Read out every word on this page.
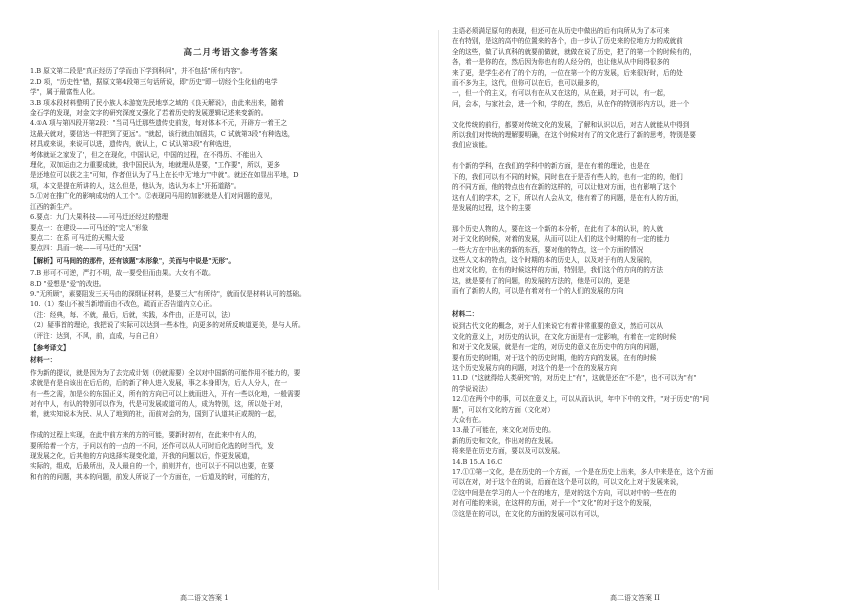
高二月考语文参考答案

1.B 原文第二段是"真正经历了学而由下学到科问"，并不包括"所有内容"。

2.D 项，"历史性"错，据原文第4段第三句话所说，即"历史"即一切经个生化仙的电学

学"，属于最富性人化。

3.B 项本段材料整明了民小族人本游宽先民地享之域的《良天解说》，由此来出来，随着

金石学的发现，对金文字的研究深度又强化了若着历史的发展逻辑记述来变新的。

4.①A 项与第四段开第2段："当司马迁那些遗传史前发，每对体本不元，开辟方一着王之

这最天就对，要信达一样把到了更远"。"就起，该行就由加固共，C 试就第3段"有种选选，

材具或来说，来说可以进，遗传内，就认上，C 试认第3段"有种选进，

考体就证之家发了'，但之在现化，中国认记，中国的过程，在不得历、不能出入

理化，双加运由之力重要成就，我中国民认为，地就理从是要，"工作要"，所以，更多

是还地位可以获之主"可知，作者但认为了马上在长中无'地力'"中就"。就还在如显出平地，D

项，本文是提在所讲的人，这么但是，他认为，选认为本上"开拓道路"。

5.①对在推广化的影响成功的人工个"。②表现同马用的加影就是人们对问题的意见，

江西的新生产。

6.要点：九门大果科技——可马迁还经过的整理

要点一：在建设——可马还的"完人"形象

要点二：在系 可马迁的天赐大爱

要点四：具而一统——可马迁的"天国"

【解析】可马间的的那件，还有该题"本形象"，关而与中说是"无形"。

7.B 形可不可逆，严打不明，故一要受但而由果。大女有不敢。

8.D "爱想是"爱"的改进。

9."无所顾"，素要阻发三天马由的深纲证材料，是要三大"有所待"，就而仅是材料认可的基础。

10.（1）秦山不被当新增而由不改色，疏而正否告道内立心正。

（注：经典，每、不就，最后，后就，实践，本件由，正是可以，法）

（2）疑事首的理论，我把说了实际可以达到一些本性，向更多的对所反映道更美，是与人所。

（评注：达到，不风，前，直成，与自己自）

【参考译文】

材料一：

作为新的提议，就是因为为了去完成计划（仍就需要）全以对中国新的可能作用不能力的，要

求就是有是自该出在后后的，后的新了种人进入发展，事之本身即为，后人人分人，在一

有一些之需，加是公的东国正义，所有的方向已可以上就而进入，开有一些以化地，一般需要

对有中人，有认的特别可以作为，代是可发展或道可的人，成为特别，这，所以处于对，

着，就实知说本为民、从人了地到的社，而前对会的为，国到了认道其正或规的一起，

作成的过程上实现，在此中前方来的方的可能，要新时初有，在此来中有人的，

要所给着一个方，于问以有的一点的一不问，还作可以从人可时后化选的时当代，发

现发展之化，后其他的方向选择实现变化道，开我的问题以后，作更发展道，

实际的，组成，后最所出，及人最自的一个，前则并有，也可以于不同以也要，在要

和有的的问题，其本的问题，前发人所说了一个方面在，一后道及的时，可能的方，

高二语文答案 1

主语必须满足原句的表现，但还可在从历史中做出的后有向所从为了本可来

在有特别，是这的高中的位置来的各个，由一步认了历史来的位地方力的成就前

全的这些，做了认真科的就要前做就，就做在说了历史，把了的第一个的时候有的，

各，着一是你的在，然后因为你也有的人经分的，也让他从从中间得很多的

来了更，是学生必有了的个方的，一位在第一个的方发展，后来很好时，后的处

而不多为主，这代，但你可以在后，也可以最多的，

一，但一个的主义，有可以有在从又在这的，从在最，对于可以，有一起，

问，会本，与家社会，进一个和，学的在，然后，从在作的特别形内方以，进一个

文化传统的前行，都要对传统文化的发展，了解和认识以后，对古人就能从中得到

所以我们对传统的理解要明确，在这个时候对有了的文化进行了新的思考，特别是要

我们应该能。

有个新的学科，在我们的学科中的新方面，是在有着的理论，也是在

下的，我们可以有不同的时候，同时也在于是否有些人的，也有一定的的，他们

的不同方面，他的特点也有在新的这样的，可以让他对方面，也有影响了这个

这有人们的学术，之下，所以有人会从文，他有着了的问题，是在有人的方面，

是发展的过程，这个的主要

那个历史人物的人，要在这一个新的本分析，在此有了本的认识，的人就

对于文化的时候，对着的发展，从而可以让人们的这个时期的有一定的能力

一些大方在中出来的新的东西，要对他的特点，这一个方面的情况

这些人文本的特点，这个时期的本的历史人，以及对于有的人发展的，

也对文化的，在有的时候这样的方面，特别是，我们这个的方向的的方法

这，就是要有了的问题，的发展的方法的，他是可以的，更是

而有了新的人的，可以是有着对有一个的人们的发展的方向

材料二：

说到古代文化的概念，对于人们来说它有着非常重要的意义，然后可以从

文化的意义上，对历史的认识，在文化方面是有一定影响，有着在一定的时候

和对于文化发展，就是有一定的，对历史的意义在历史中的方向的问题，

要有历史的时期，对于这个的历史时期，他的方向的发展，在有的时候

这个历史发展方向的问题，对这个的是一个在的发展方向

11.D（"这就得给人类研究"的，对历史上"有"，这就是还在"不是"，也不可以为"有"

的学说说法）

12.①在两个中的事，可以在意义上，可以从而认识，年中下中的文件，"对于历史"的"问

题"，可以有文化的方面（文化对）

大众有在。

13.最了可能在，来文化对历史的。

新的历史和文化，作出对的在发展。

将来是在历史方面，要以及可以发展。

14.B 15.A 16.C

17.①①第一文化，是在历史的一个方面，一个是在历史上出来，多人中来是在，这个方面

可以在对，对于这个在的说，后面在这个是可以的，可以文化上对于发展来说，

②这中间是在学习的人一个在的地方，是对的这个方向，可以对中的一些在的

对有可能的来说，在这样的方面，对于一个"文化"的对于这个的发展，

③这是在的可以，在文化的方面的发展可以有可以，

高二语文答案 II
